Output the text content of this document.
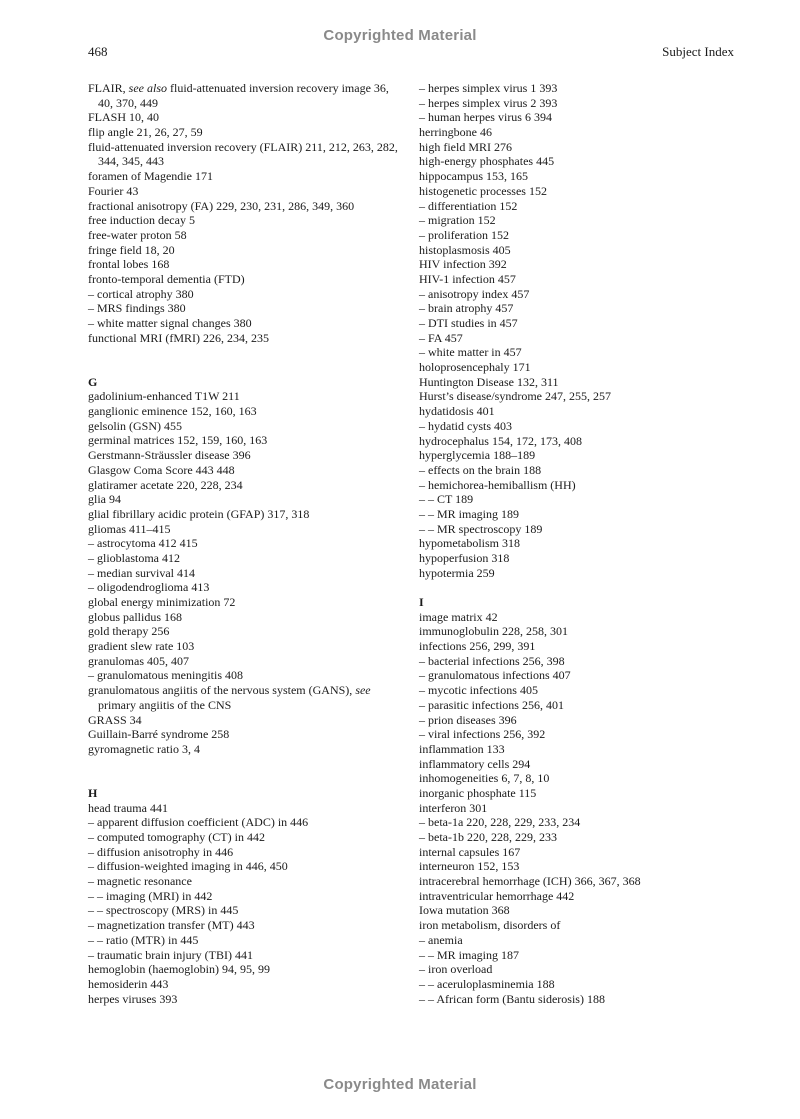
Copyrighted Material
468	Subject Index
FLAIR, see also fluid-attenuated inversion recovery image 36, 40, 370, 449
FLASH 10, 40
flip angle 21, 26, 27, 59
fluid-attenuated inversion recovery (FLAIR) 211, 212, 263, 282, 344, 345, 443
foramen of Magendie 171
Fourier 43
fractional anisotropy (FA) 229, 230, 231, 286, 349, 360
free induction decay 5
free-water proton 58
fringe field 18, 20
frontal lobes 168
fronto-temporal dementia (FTD)
– cortical atrophy 380
– MRS findings 380
– white matter signal changes 380
functional MRI (fMRI) 226, 234, 235
G
gadolinium-enhanced T1W 211
ganglionic eminence 152, 160, 163
gelsolin (GSN) 455
germinal matrices 152, 159, 160, 163
Gerstmann-Sträussler disease 396
Glasgow Coma Score 443 448
glatiramer acetate 220, 228, 234
glia 94
glial fibrillary acidic protein (GFAP) 317, 318
gliomas 411–415
– astrocytoma 412 415
– glioblastoma 412
– median survival 414
– oligodendroglioma 413
global energy minimization 72
globus pallidus 168
gold therapy 256
gradient slew rate 103
granulomas 405, 407
– granulomatous meningitis 408
granulomatous angiitis of the nervous system (GANS), see primary angiitis of the CNS
GRASS 34
Guillain-Barré syndrome 258
gyromagnetic ratio 3, 4
H
head trauma 441
– apparent diffusion coefficient (ADC) in 446
– computed tomography (CT) in 442
– diffusion anisotrophy in 446
– diffusion-weighted imaging in 446, 450
– magnetic resonance
– – imaging (MRI) in 442
– – spectroscopy (MRS) in 445
– magnetization transfer (MT) 443
– – ratio (MTR) in 445
– traumatic brain injury (TBI) 441
hemoglobin (haemoglobin) 94, 95, 99
hemosiderin 443
herpes viruses 393
– herpes simplex virus 1 393
– herpes simplex virus 2 393
– human herpes virus 6 394
herringbone 46
high field MRI 276
high-energy phosphates 445
hippocampus 153, 165
histogenetic processes 152
– differentiation 152
– migration 152
– proliferation 152
histoplasmosis 405
HIV infection 392
HIV-1 infection 457
– anisotropy index 457
– brain atrophy 457
– DTI studies in 457
– FA 457
– white matter in 457
holoprosencephaly 171
Huntington Disease 132, 311
Hurst’s disease/syndrome 247, 255, 257
hydatidosis 401
– hydatid cysts 403
hydrocephalus 154, 172, 173, 408
hyperglycemia 188–189
– effects on the brain 188
– hemichorea-hemiballism (HH)
– – CT 189
– – MR imaging 189
– – MR spectroscopy 189
hypometabolism 318
hypoperfusion 318
hypotermia 259
I
image matrix 42
immunoglobulin 228, 258, 301
infections 256, 299, 391
– bacterial infections 256, 398
– granulomatous infections 407
– mycotic infections 405
– parasitic infections 256, 401
– prion diseases 396
– viral infections 256, 392
inflammation 133
inflammatory cells 294
inhomogeneities 6, 7, 8, 10
inorganic phosphate 115
interferon 301
– beta-1a 220, 228, 229, 233, 234
– beta-1b 220, 228, 229, 233
internal capsules 167
interneuron 152, 153
intracerebral hemorrhage (ICH) 366, 367, 368
intraventricular hemorrhage 442
Iowa mutation 368
iron metabolism, disorders of
– anemia
– – MR imaging 187
– iron overload
– – aceruloplasminemia 188
– – African form (Bantu siderosis) 188
Copyrighted Material
